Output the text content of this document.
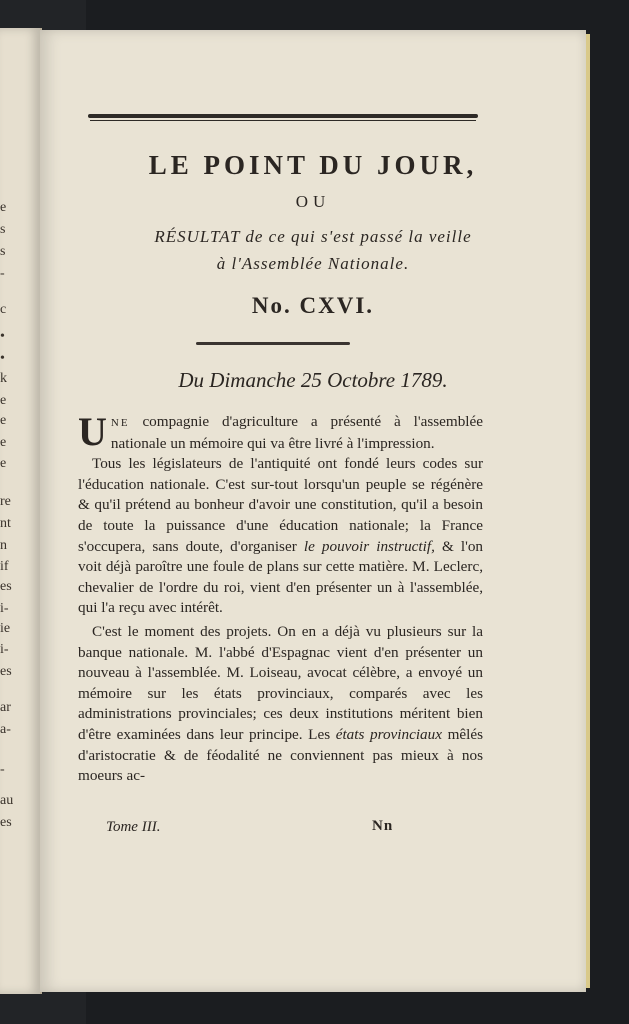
e
s
s
-
c
•
•
k
e
e
e
e
re
nt
n
if
es
i-
ie
i-
es
ar
a-
-
au
es
LE POINT DU JOUR,
OU
RÉSULTAT de ce qui s'est passé la veille
à l'Assemblée Nationale.
No. CXVI.
Du Dimanche 25 Octobre 1789.

UNE compagnie d'agriculture a présenté à l'assemblée nationale un mémoire qui va être livré à l'impression.

Tous les législateurs de l'antiquité ont fondé leurs codes sur l'éducation nationale. C'est sur-tout lorsqu'un peuple se régénère & qu'il prétend au bonheur d'avoir une constitution, qu'il a besoin de toute la puissance d'une éducation nationale; la France s'occupera, sans doute, d'organiser le pouvoir instructif, & l'on voit déjà paroître une foule de plans sur cette matière. M. Leclerc, chevalier de l'ordre du roi, vient d'en présenter un à l'assemblée, qui l'a reçu avec intérêt.

C'est le moment des projets. On en a déjà vu plusieurs sur la banque nationale. M. l'abbé d'Espagnac vient d'en présenter un nouveau à l'assemblée. M. Loiseau, avocat célèbre, a envoyé un mémoire sur les états provinciaux, comparés avec les administrations provinciales; ces deux institutions méritent bien d'être examinées dans leur principe. Les états provinciaux mêlés d'aristocratie & de féodalité ne conviennent pas mieux à nos moeurs ac-

Tome III.	Nn
